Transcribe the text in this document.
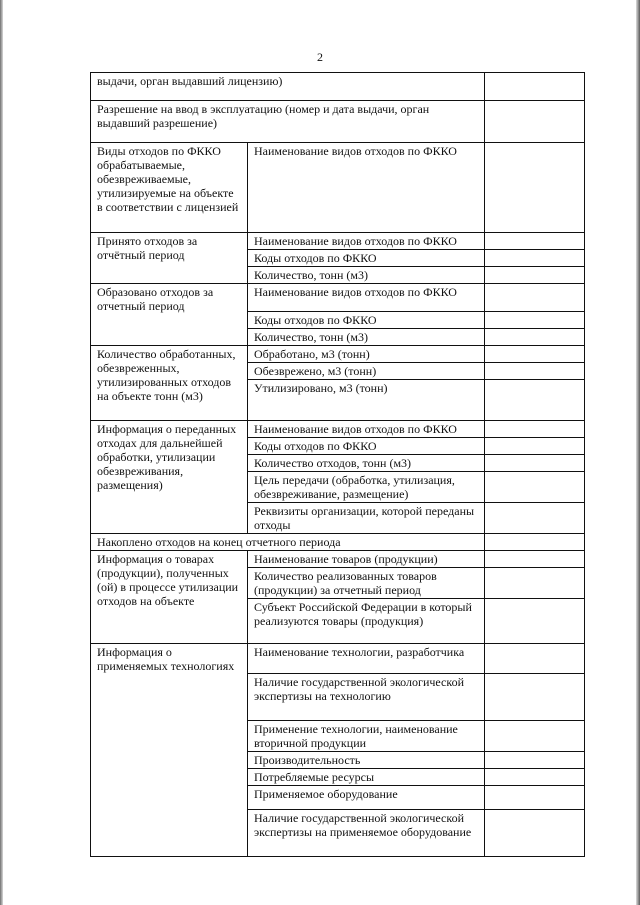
2
выдачи, орган выдавший лицензию)		
Разрешение на ввод в эксплуатацию (номер и дата выдачи, орган выдавший разрешение)		
Виды отходов по ФККО обрабатываемые, обезвреживаемые, утилизируемые на объекте в соответствии с лицензией	Наименование видов отходов по ФККО	
Принято отходов за отчётный период	Наименование видов отходов по ФККО	
	Коды отходов по ФККО	
	Количество, тонн (м3)	
Образовано отходов за отчетный период	Наименование видов отходов по ФККО	
	Коды отходов по ФККО	
	Количество, тонн (м3)	
Количество обработанных, обезвреженных, утилизированных отходов на объекте тонн (м3)	Обработано, м3 (тонн)	
	Обезврежено, м3 (тонн)	
	Утилизировано, м3 (тонн)	
Информация о переданных отходах для дальнейшей обработки, утилизации обезвреживания, размещения)	Наименование видов отходов по ФККО	
	Коды отходов по ФККО	
	Количество отходов, тонн (м3)	
	Цель передачи (обработка, утилизация, обезвреживание, размещение)	
	Реквизиты организации, которой переданы отходы	
Накоплено отходов на конец отчетного периода		
Информация о товарах (продукции), полученных (ой) в процессе утилизации отходов на объекте	Наименование товаров (продукции)	
	Количество реализованных товаров (продукции) за отчетный период	
	Субъект Российской Федерации в который реализуются товары (продукция)	
Информация о применяемых технологиях	Наименование технологии, разработчика	
	Наличие государственной экологической экспертизы на технологию	
	Применение технологии, наименование вторичной продукции	
	Производительность	
	Потребляемые ресурсы	
	Применяемое оборудование	
	Наличие государственной экологической экспертизы на применяемое оборудование	
